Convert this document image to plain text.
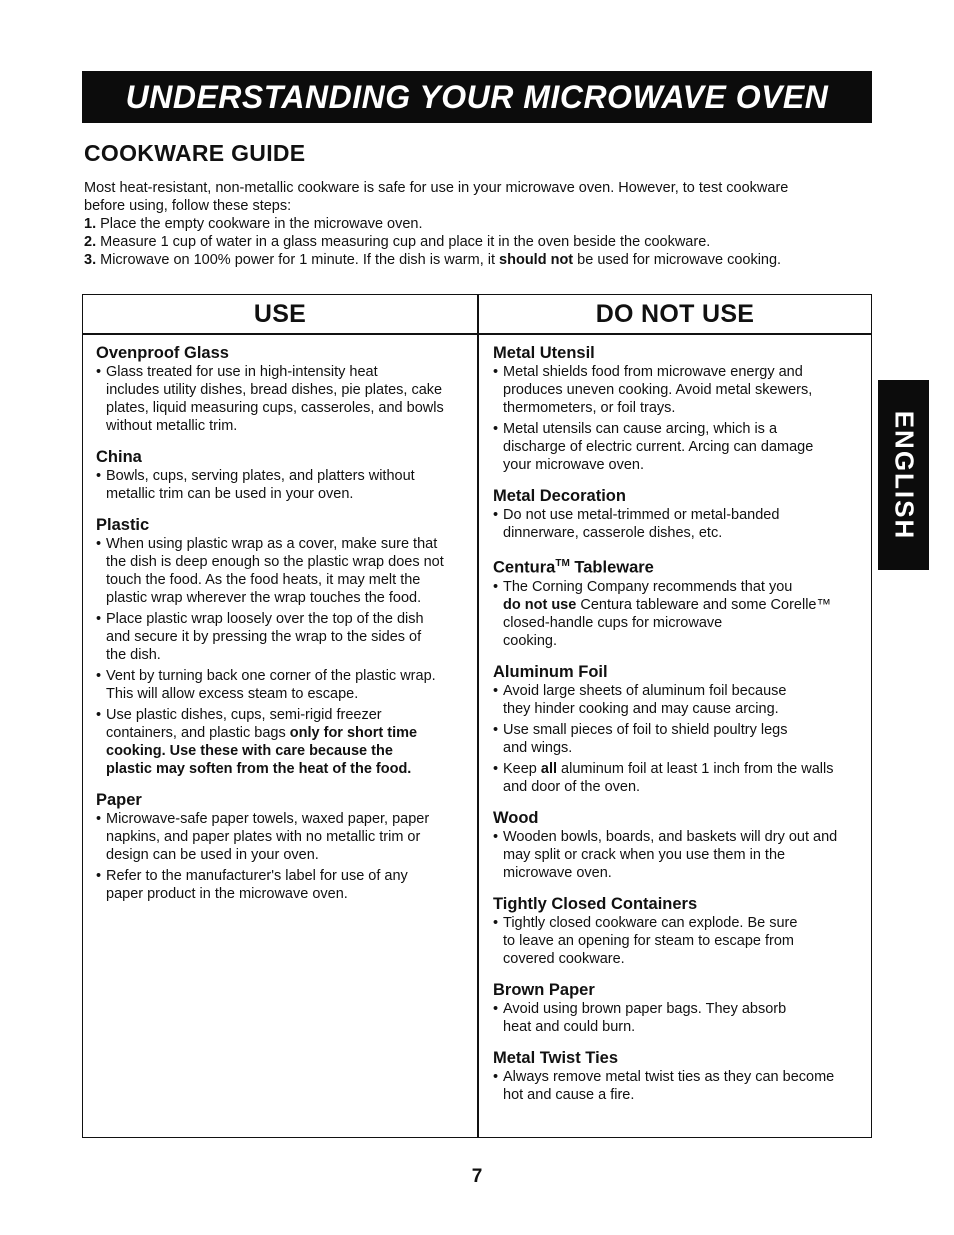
UNDERSTANDING YOUR MICROWAVE OVEN
COOKWARE GUIDE

Most heat-resistant, non-metallic cookware is safe for use in your microwave oven. However, to test cookware

before using, follow these steps:

1. Place the empty cookware in the microwave oven.

2. Measure 1 cup of water in a glass measuring cup and place it in the oven beside the cookware.

3. Microwave on 100% power for 1 minute. If the dish is warm, it should not be used for microwave cooking.

USE	DO NOT USE
Ovenproof Glass
• Glass treated for use in high-intensity heat
includes utility dishes, bread dishes, pie plates, cake
plates, liquid measuring cups, casseroles, and bowls
without metallic trim.
China
• Bowls, cups, serving plates, and platters without
metallic trim can be used in your oven.
Plastic
• When using plastic wrap as a cover, make sure that
the dish is deep enough so the plastic wrap does not
touch the food. As the food heats, it may melt the
plastic wrap wherever the wrap touches the food.
• Place plastic wrap loosely over the top of the dish
and secure it by pressing the wrap to the sides of
the dish.
• Vent by turning back one corner of the plastic wrap.
This will allow excess steam to escape.
• Use plastic dishes, cups, semi-rigid freezer
containers, and plastic bags only for short time
cooking. Use these with care because the
plastic may soften from the heat of the food.
Paper
• Microwave-safe paper towels, waxed paper, paper
napkins, and paper plates with no metallic trim or
design can be used in your oven.
• Refer to the manufacturer's label for use of any
paper product in the microwave oven.
Metal Utensil
• Metal shields food from microwave energy and
produces uneven cooking. Avoid metal skewers,
thermometers, or foil trays.
• Metal utensils can cause arcing, which is a
discharge of electric current. Arcing can damage
your microwave oven.
Metal Decoration
• Do not use metal-trimmed or metal-banded
dinnerware, casserole dishes, etc.
Centura™ Tableware
• The Corning Company recommends that you
do not use Centura tableware and some Corelle™
closed-handle cups for microwave
cooking.
Aluminum Foil
• Avoid large sheets of aluminum foil because
they hinder cooking and may cause arcing.
• Use small pieces of foil to shield poultry legs
and wings.
• Keep all aluminum foil at least 1 inch from the walls
and door of the oven.
Wood
• Wooden bowls, boards, and baskets will dry out and
may split or crack when you use them in the
microwave oven.
Tightly Closed Containers
• Tightly closed cookware can explode. Be sure
to leave an opening for steam to escape from
covered cookware.
Brown Paper
• Avoid using brown paper bags. They absorb
heat and could burn.
Metal Twist Ties
• Always remove metal twist ties as they can become
hot and cause a fire.
ENGLISH
7
